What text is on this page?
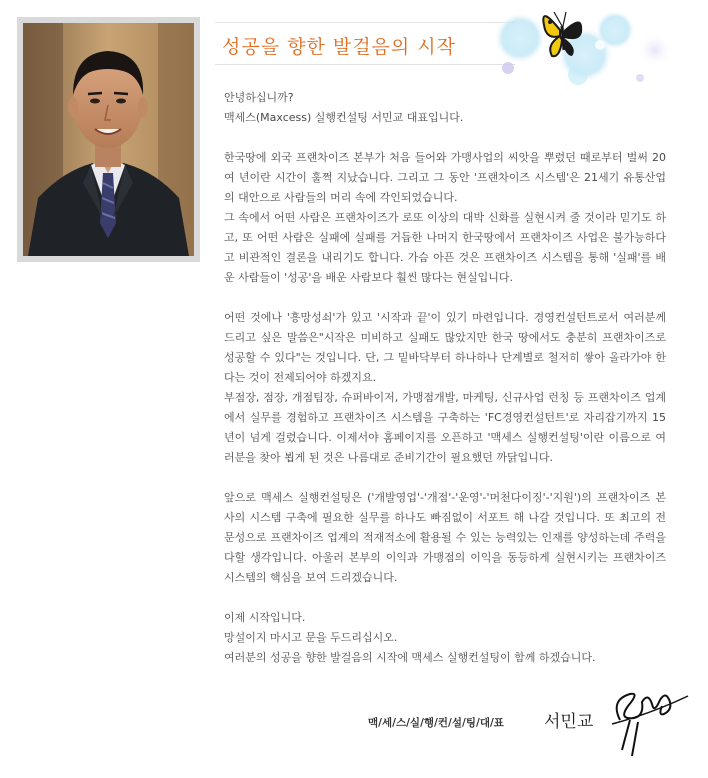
성공을 향한 발걸음의 시작

안녕하십니까?
맥세스(Maxcess) 실행컨설팅 서민교 대표입니다.

한국땅에 외국 프랜차이즈 본부가 처음 들어와 가맹사업의 씨앗을 뿌렸던 때로부터 벌써 20여 년이란 시간이 훌쩍 지났습니다. 그리고 그 동안 '프랜차이즈 시스템'은 21세기 유통산업의 대안으로 사람들의 머리 속에 각인되었습니다.

그 속에서 어떤 사람은 프랜차이즈가 로또 이상의 대박 신화를 실현시켜 줄 것이라 믿기도 하고, 또 어떤 사람은 실패에 실패를 거듭한 나머지 한국땅에서 프랜차이즈 사업은 불가능하다고 비관적인 결론을 내리기도 합니다. 가슴 아픈 것은 프랜차이즈 시스템을 통해 '실패'를 배운 사람들이 '성공'을 배운 사람보다 훨씬 많다는 현실입니다.

어떤 것에나 '흥망성쇠'가 있고 '시작과 끝'이 있기 마련입니다. 경영컨설턴트로서 여러분께 드리고 싶은 말씀은"시작은 미비하고 실패도 많았지만 한국 땅에서도 충분히 프랜차이즈로 성공할 수 있다"는 것입니다. 단, 그 밑바닥부터 하나하나 단계별로 철저히 쌓아 올라가야 한다는 것이 전제되어야 하겠지요.

부점장, 점장, 개점팀장, 슈퍼바이저, 가맹점개발, 마케팅, 신규사업 런칭 등 프랜차이즈 업계에서 실무를 경험하고 프랜차이즈 시스템을 구축하는 'FC경영컨설턴트'로 자리잡기까지 15년이 넘게 걸렸습니다. 이제서야 홈페이지를 오픈하고 '맥세스 실행컨설팅'이란 이름으로 여러분을 찾아 뵙게 된 것은 나름대로 준비기간이 필요했던 까닭입니다.

앞으로 맥세스 실행컨설팅은 ('개발영업'-'개점'-'운영'-'머천다이징'-'지원')의 프랜차이즈 본사의 시스템 구축에 필요한 실무를 하나도 빠짐없이 서포트 해 나갈 것입니다. 또 최고의 전문성으로 프랜차이즈 업계의 적재적소에 활용될 수 있는 능력있는 인재를 양성하는데 주력을 다할 생각입니다. 아울러 본부의 이익과 가맹점의 이익을 동등하게 실현시키는 프랜차이즈 시스템의 핵심을 보여 드리겠습니다.

이제 시작입니다.
망설이지 마시고 문을 두드리십시오.
여러분의 성공을 향한 발걸음의 시작에 맥세스 실행컨설팅이 함께 하겠습니다.

맥/세/스/실/행/컨/설/팅/대/표 서민교
